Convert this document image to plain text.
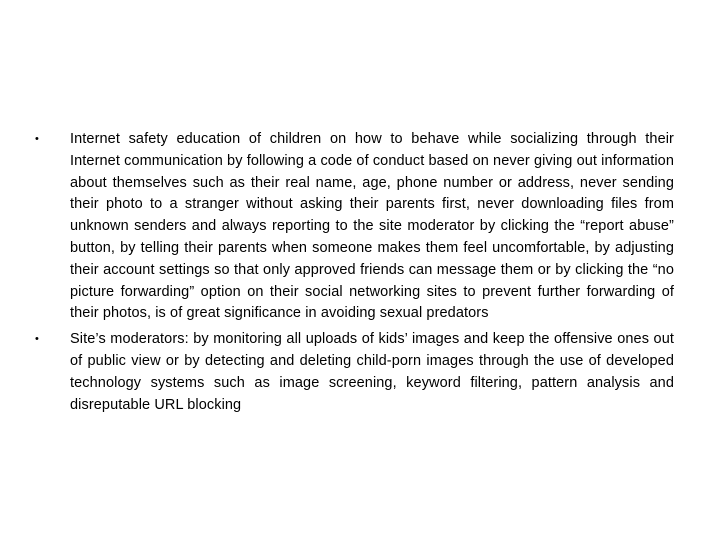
•	Internet safety education of children on how to behave while socializing through their Internet communication by following a code of conduct based on never giving out information about themselves such as their real name, age, phone number or address, never sending their photo to a stranger without asking their parents first, never downloading files from unknown senders and always reporting to the site moderator by clicking the “report abuse” button, by telling their parents when someone makes them feel uncomfortable, by adjusting their account settings so that only approved friends can message them or by clicking the “no picture forwarding” option on their social networking sites to prevent further forwarding of their photos, is of great significance in avoiding sexual predators
•	Site’s moderators: by monitoring all uploads of kids’ images and keep the offensive ones out of public view or by detecting and deleting child-porn images through the use of developed technology systems such as image screening, keyword filtering, pattern analysis and disreputable URL blocking
